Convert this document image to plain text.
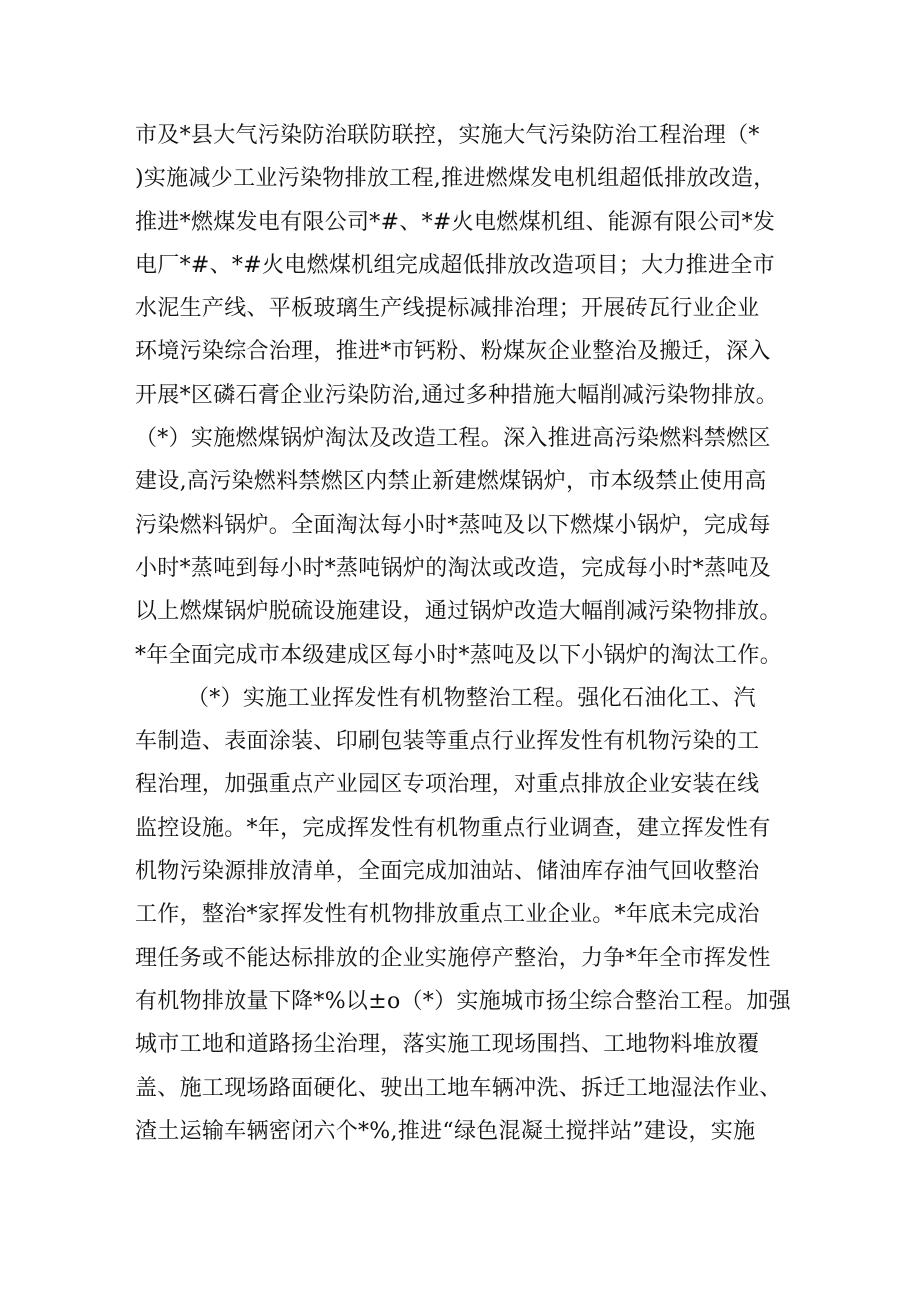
市及*县大气污染防治联防联控，实施大气污染防治工程治理（*
)实施减少工业污染物排放工程,推进燃煤发电机组超低排放改造，
推进*燃煤发电有限公司*#、*#火电燃煤机组、能源有限公司*发
电厂*#、*#火电燃煤机组完成超低排放改造项目；大力推进全市
水泥生产线、平板玻璃生产线提标减排治理；开展砖瓦行业企业
环境污染综合治理，推进*市钙粉、粉煤灰企业整治及搬迁，深入
开展*区磷石膏企业污染防治,通过多种措施大幅削减污染物排放。
（*）实施燃煤锅炉淘汰及改造工程。深入推进高污染燃料禁燃区
建设,高污染燃料禁燃区内禁止新建燃煤锅炉，市本级禁止使用高
污染燃料锅炉。全面淘汰每小时*蒸吨及以下燃煤小锅炉，完成每
小时*蒸吨到每小时*蒸吨锅炉的淘汰或改造，完成每小时*蒸吨及
以上燃煤锅炉脱硫设施建设，通过锅炉改造大幅削减污染物排放。
*年全面完成市本级建成区每小时*蒸吨及以下小锅炉的淘汰工作。
（*）实施工业挥发性有机物整治工程。强化石油化工、汽
车制造、表面涂装、印刷包装等重点行业挥发性有机物污染的工
程治理，加强重点产业园区专项治理，对重点排放企业安装在线
监控设施。*年，完成挥发性有机物重点行业调查，建立挥发性有
机物污染源排放清单，全面完成加油站、储油库存油气回收整治
工作，整治*家挥发性有机物排放重点工业企业。*年底未完成治
理任务或不能达标排放的企业实施停产整治，力争*年全市挥发性
有机物排放量下降*%以±o（*）实施城市扬尘综合整治工程。加强
城市工地和道路扬尘治理，落实施工现场围挡、工地物料堆放覆
盖、施工现场路面硬化、驶出工地车辆冲洗、拆迁工地湿法作业、
渣土运输车辆密闭六个*%,推进“绿色混凝土搅拌站”建设，实施
